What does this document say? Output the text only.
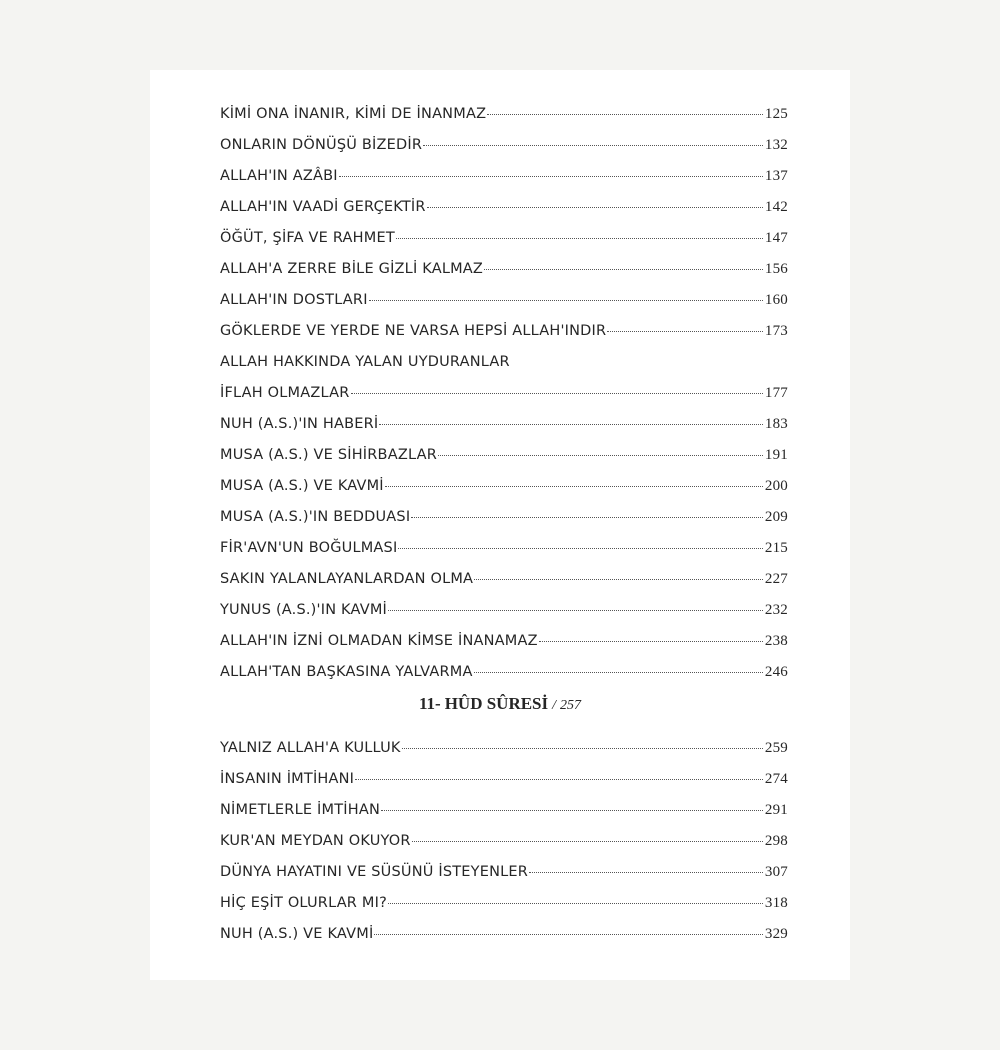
KİMİ ONA İNANIR, KİMİ DE İNANMAZ	125
ONLARIN DÖNÜŞÜ BİZEDİR	132
ALLAH'IN AZÂBI	137
ALLAH'IN VAADİ GERÇEKTİR	142
ÖĞÜT, ŞİFA VE RAHMET	147
ALLAH'A ZERRE BİLE GİZLİ KALMAZ	156
ALLAH'IN DOSTLARI	160
GÖKLERDE VE YERDE NE VARSA HEPSİ ALLAH'INDIR	173
ALLAH HAKKINDA YALAN UYDURANLAR
İFLAH OLMAZLAR	177
NUH (A.S.)'IN HABERİ	183
MUSA (A.S.) VE SİHİRBAZLAR	191
MUSA (A.S.) VE KAVMİ	200
MUSA (A.S.)'IN BEDDUASI	209
FİR'AVN'UN BOĞULMASI	215
SAKIN YALANLAYANLARDAN OLMA	227
YUNUS (A.S.)'IN KAVMİ	232
ALLAH'IN İZNİ OLMADAN KİMSE İNANAMAZ	238
ALLAH'TAN BAŞKASINA YALVARMA	246
11- HÛD SÛRESİ / 257
YALNIZ ALLAH'A KULLUK	259
İNSANIN İMTİHANI	274
NİMETLERLE İMTİHAN	291
KUR'AN MEYDAN OKUYOR	298
DÜNYA HAYATINI VE SÜSÜNÜ İSTEYENLER	307
HİÇ EŞİT OLURLAR MI?	318
NUH (A.S.) VE KAVMİ	329
